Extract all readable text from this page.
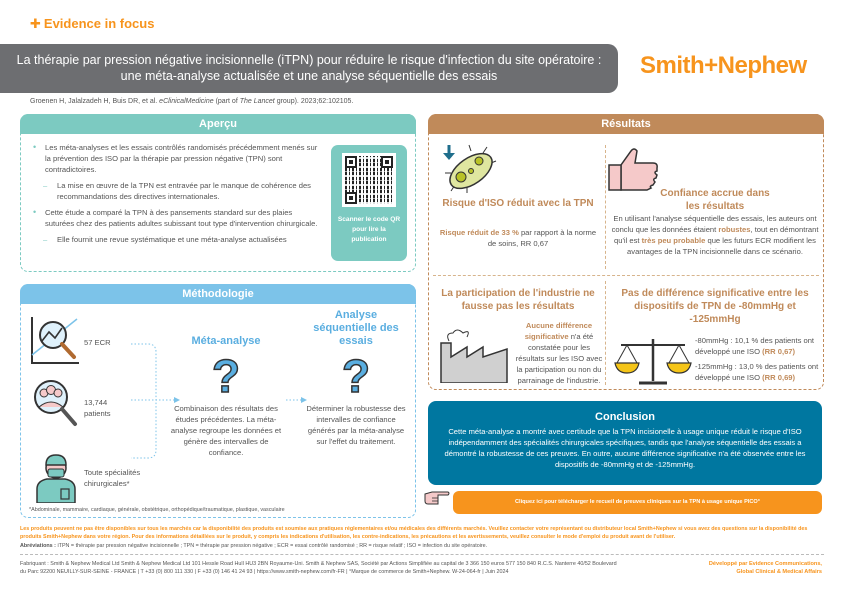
✚ Evidence in focus
La thérapie par pression négative incisionnelle (iTPN) pour réduire le risque d'infection du site opératoire :
une méta-analyse actualisée et une analyse séquentielle des essais	Smith+Nephew
Groenen H, Jalalzadeh H, Buis DR, et al. eClinicalMedicine (part of The Lancet group). 2023;62:102105.
Aperçu
• Les méta-analyses et les essais contrôlés randomisés précédemment menés sur la prévention des ISO par la thérapie par pression négative (TPN) sont contradictoires.
– La mise en œuvre de la TPN est entravée par le manque de cohérence des recommandations des directives internationales.
• Cette étude a comparé la TPN à des pansements standard sur des plaies suturées chez des patients adultes subissant tout type d'intervention chirurgicale.
– Elle fournit une revue systématique et une méta-analyse actualisées
Scanner le code QR pour lire la publication
Méthodologie
57 ECR
13,744 patients
Toute spécialités chirurgicales*
Méta-analyse
?
Combinaison des résultats des études précédentes. La méta-analyse regroupe les données et génère des intervalles de confiance.
Analyse séquentielle des essais
?
Déterminer la robustesse des intervalles de confiance générés par la méta-analyse sur l'effet du traitement.
*Abdominale, mammaire, cardiaque, générale, obstétrique, orthopédique/traumatique, plastique, vasculaire
Résultats
Risque d'ISO réduit avec la TPN
Risque réduit de 33 % par rapport à la norme de soins, RR 0,67
Confiance accrue dans les résultats
En utilisant l'analyse séquentielle des essais, les auteurs ont conclu que les données étaient robustes, tout en démontrant qu'il est très peu probable que les futurs ECR modifient les avantages de la TPN incisionnelle dans ce scénario.
La participation de l'industrie ne fausse pas les résultats
Aucune différence significative n'a été constatée pour les résultats sur les ISO avec la participation ou non du parrainage de l'industrie.
Pas de différence significative entre les dispositifs de TPN de -80mmHg et -125mmHg
-80mmHg : 10,1 % des patients ont développé une ISO (RR 0,67)
-125mmHg : 13,0 % des patients ont développé une ISO (RR 0,69)
Conclusion

Cette méta-analyse a montré avec certitude que la TPN incisionelle à usage unique réduit le risque d'ISO indépendamment des spécialités chirurgicales spécifiques, tandis que l'analyse séquentielle des essais a démontré la robustesse de ces preuves. En outre, aucune différence significative n'a été observée entre les dispositifs de -80mmHg et de -125mmHg.

Cliquez ici pour télécharger le recueil de preuves cliniques sur la TPN à usage unique PICO°
Les produits peuvent ne pas être disponibles sur tous les marchés car la disponibilité des produits est soumise aux pratiques réglementaires et/ou médicales des différents marchés. Veuillez contacter votre représentant ou distributeur local Smith+Nephew si vous avez des questions sur la disponibilité des produits Smith+Nephew dans votre région. Pour des informations détaillées sur le produit, y compris les indications d'utilisation, les contre-indications, les précautions et les avertissements, veuillez consulter le mode d'emploi du produit avant de l'utiliser.
Abréviations : iTPN = thérapie par pression négative incisionnelle ; TPN = thérapie par pression négative ; ECR = essai contrôlé randomisé ; RR = risque relatif ; ISO = infection du site opératoire.
Fabriquant : Smith & Nephew Medical Ltd Smith & Nephew Medical Ltd 101 Hessle Road Hull HU3 2BN Royaume-Uni. Smith & Nephew SAS, Société par Actions Simplifiée au capital de 3 366 150 euros 577 150 840 R.C.S. Nanterre 40/52 Boulevard du Parc 92200 NEUILLY-SUR-SEINE - FRANCE | T +33 (0) 800 111 330 | F +33 (0) 146 41 24 93 | https://www.smith-nephew.com/fr-FR | °Marque de commerce de Smith+Nephew. W-24-064-fr | Juin 2024
Développé par Evidence Communications, Global Clinical & Medical Affairs
